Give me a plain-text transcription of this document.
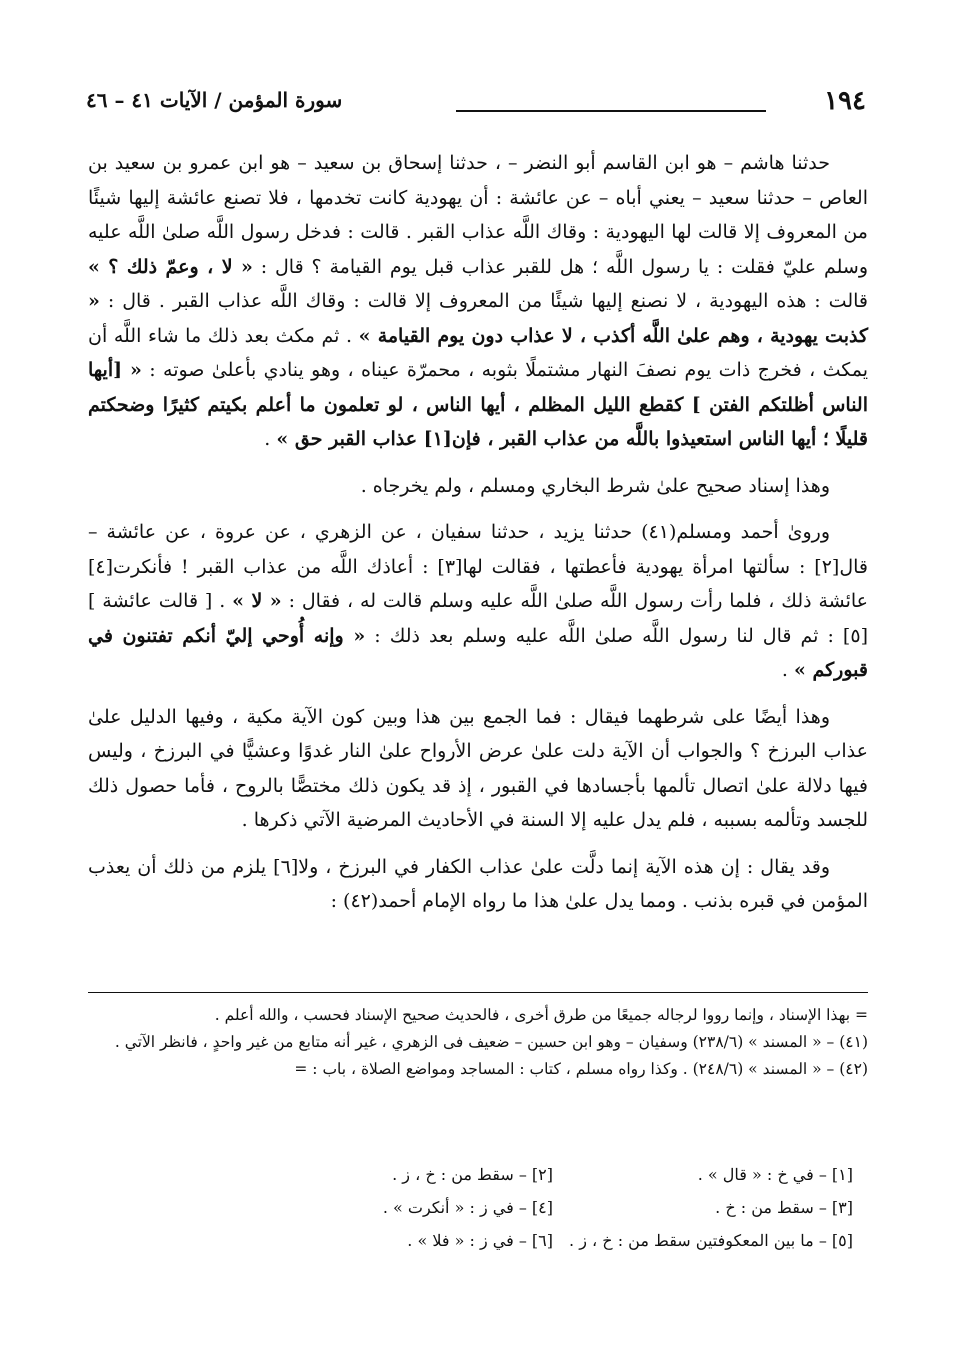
١٩٤
سورة المؤمن / الآيات ٤١ – ٤٦

حدثنا هاشم – هو ابن القاسم أبو النضر – ، حدثنا إسحاق بن سعيد – هو ابن عمرو بن سعيد بن العاص – حدثنا سعيد – يعني أباه – عن عائشة : أن يهودية كانت تخدمها ، فلا تصنع عائشة إليها شيئًا من المعروف إلا قالت لها اليهودية : وقاك اللَّه عذاب القبر . قالت : فدخل رسول اللَّه صلىٰ اللَّه عليه وسلم عليّ فقلت : يا رسول اللَّه ؛ هل للقبر عذاب قبل يوم القيامة ؟ قال : « لا ، وعمّ ذلك ؟ » قالت : هذه اليهودية ، لا نصنع إليها شيئًا من المعروف إلا قالت : وقاك اللَّه عذاب القبر . قال : « كذبت يهودية ، وهم علىٰ اللَّه أكذب ، لا عذاب دون يوم القيامة » . ثم مكث بعد ذلك ما شاء اللَّه أن يمكث ، فخرج ذات يوم نصفَ النهار مشتملًا بثوبه ، محمرّة عيناه ، وهو ينادي بأعلىٰ صوته : « [أيها الناس أظلتكم الفتن ] كقطع الليل المظلم ، أيها الناس ، لو تعلمون ما أعلم بكيتم كثيرًا وضحكتم قليلًا ؛ أيها الناس استعيذوا باللَّه من عذاب القبر ، فإن[١] عذاب القبر حق » .

وهذا إسناد صحيح علىٰ شرط البخاري ومسلم ، ولم يخرجاه .

وروىٰ أحمد ومسلم(٤١) حدثنا يزيد ، حدثنا سفيان ، عن الزهري ، عن عروة ، عن عائشة – قال[٢] : سألتها امرأة يهودية فأعطتها ، فقالت لها[٣] : أعاذك اللَّه من عذاب القبر ! فأنكرت[٤] عائشة ذلك ، فلما رأت رسول اللَّه صلىٰ اللَّه عليه وسلم قالت له ، فقال : « لا » . [ قالت عائشة ][٥] : ثم قال لنا رسول اللَّه صلىٰ اللَّه عليه وسلم بعد ذلك : « وإنه أُوحي إليّ أنكم تفتنون في قبوركم » .

وهذا أيضًا على شرطهما فيقال : فما الجمع بين هذا وبين كون الآية مكية ، وفيها الدليل علىٰ عذاب البرزخ ؟ والجواب أن الآية دلت علىٰ عرض الأرواح علىٰ النار غدوًا وعشيًّا في البرزخ ، وليس فيها دلالة علىٰ اتصال تألمها بأجسادها في القبور ، إذ قد يكون ذلك مختصًّا بالروح ، فأما حصول ذلك للجسد وتألمه بسببه ، فلم يدل عليه إلا السنة في الأحاديث المرضية الآتي ذكرها .

وقد يقال : إن هذه الآية إنما دلَّت علىٰ عذاب الكفار في البرزخ ، ولا[٦] يلزم من ذلك أن يعذب المؤمن في قبره بذنب . ومما يدل علىٰ هذا ما رواه الإمام أحمد(٤٢) :

= بهذا الإسناد ، وإنما رووا لرجاله جميعًا من طرق أخرى ، فالحديث صحيح الإسناد فحسب ، والله أعلم .

(٤١) – « المسند » (٢٣٨/٦) وسفيان – وهو ابن حسين – ضعيف فى الزهري ، غير أنه متابع من غير واحدٍ ، فانظر الآتي .

(٤٢) – « المسند » (٢٤٨/٦) . وكذا رواه مسلم ، كتاب : المساجد ومواضع الصلاة ، باب : =

[١] – في خ : « قال » .
[٢] – سقط من : خ ، ز .
[٣] – سقط من : خ .
[٤] – في ز : « أنكرت » .
[٥] – ما بين المعكوفتين سقط من : خ ، ز .
[٦] – في ز : « فلا » .
